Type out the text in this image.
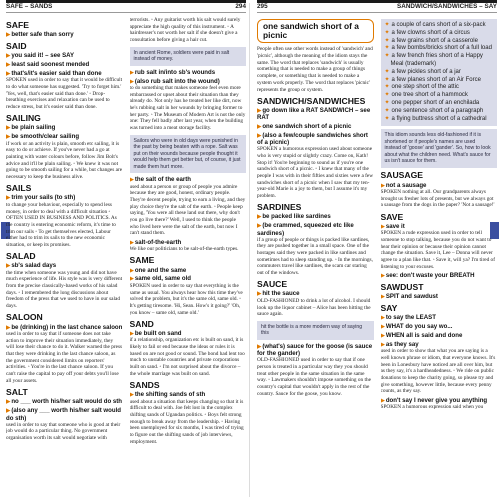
SAFE – SANDS	294
SAFE
▶better safe than sorry
SAID
▶you said it! – see SAY
▶least said soonest mended
▶that's/it's easier said than done
SPOKEN used in order to say that it would be difficult to do what someone has suggested. 'Try to forget him.' 'Yes, well, that's easier said than done.' ◦ Drop-breathing exercises and relaxation can be used to reduce stress, but it's easier said than done.
SAILING
▶be plain sailing
▶be smooth/clear sailing
if work or an activity is plain, smooth etc sailing, it is easy to do or achieve. If you've never had a go at painting with water colours before, follow Jim Bolt's advice and it'll be plain sailing. ◦ We knew it was not going to be smooth sailing for a while, but changes are necessary to keep the business alive.
SAILS
▶trim your sails (to sth)
to change your behaviour, especially to spend less money, in order to deal with a difficult situation ◦ OFTEN USED IN BUSINESS AND POLITICS. As the country is entering economic reform, it's time to trim our sails ◦ To get themselves elected, Labour either had to trim its sails to the new economic situation, or keep its promises.
SALAD
▶sb's salad days
the time when someone was young and did not have much experience of life. His style was is very different from the precise classically-based works of his salad days. ◦ I remembered the long discussions about freedom of the press that we used to have in our salad days.
SALOON
▶be (drinking) in the last chance saloon
used in order to say that if someone does not take action to improve their situation immediately, they will lose their chance to do it. Walker warned the press that they were drinking in the last chance saloon, as the government considered limits on reporters' activities. ◦ You're in the last chance saloon. If you can't raise the capital to pay off your debts you'll lose all your assets.
SALT
▶no ___ worth his/her salt would do sth
▶(also any ___ worth his/her salt would do sth)
used in order to say that someone who is good at their job would do a particular thing. No government organisation worth its salt would negotiate with
terrorists. ◦ Any guitarist worth his salt would surely appreciate the high quality of this instrument. ◦ A hairdresser's not worth her salt if she doesn't give a consultation before giving a hair cut.
In ancient Rome, soldiers were paid in salt instead of money.
▶rub salt in/into sb's wounds
▶(also rub salt into the wound)
to do something that makes someone feel even more embarrassed or upset about their situation than they already do. Not only has he treated her like dirt, now he's rubbing salt in her wounds by bringing former to her party. ◦ The Museum of Modern Art is not the only one: They fell badly after last year, when the building was turned into a meat storage facility.
Sailors who were in old days were punished in the past by being beaten with a rope. Salt was put on their wounds because people thought it would help them get better but, of course, it just made them hurt more.
▶the salt of the earth
used about a person or group of people you admire because they are good, honest, ordinary people. They're decent people, trying to earn a living, and they play choice they're the salt of the earth. ◦ People keep saying, 'You were all these land out there, why don't you go live there?' Well, I used to think the people who lived here were the salt of the earth, but now I can't stand them.
▶salt-of-the-earth
We like our politicians to be salt-of-the-earth types.
SAME
▶one and the same
▶same old, same old
SPOKEN used in order to say that everything is the same as usual. You always hear how this time they've solved the problem, but it's the same old, same old. ◦ It's getting tiresome. 'Hi, Sean. How's it going?' 'Oh, you know – same old, same old.'
SAND
▶be built on sand
if a relationship, organization etc is built on sand, it is likely to fail or end because the ideas or rules it is based on are not good or sound. The bond had lent too much to unstable countries and private corporations built on sand. ◦ I'm not surprised about the divorce – the whole marriage was built on sand.
SANDS
▶the shifting sands of sth
used about a situation that keeps changing so that it is difficult to deal with. Joe felt lost in the complex shifting sands of Ugandan politics. ◦ Boys felt strong enough to break away from the leadership. ◦ Having been unemployed for six months, I was tired of trying to figure out the shifting sands of job interviews, employment.
295	SANDWICH/SANDWICHES – SAY
one sandwich short of a picnic
People often use other words instead of 'sandwich' and 'picnic', although the meaning of the idiom stays the same. The word that replaces 'sandwich' is usually something that is needed to make a group of things complete, or something that is needed to make a system work properly. The word that replaces 'picnic' represents the group or system.
SANDWICH/SANDWICHES
▶go down like a RAT SANDWICH – see RAT
▶one sandwich short of a picnic
▶(also a few/couple sandwiches short of a picnic)
SPOKEN a humorous expression used about someone who is very stupid or slightly crazy. Come on, Kath! Stop it! You're beginning to sound as if you're one sandwich short of a picnic. ◦ I knew that many of the people I was with in their fifties and sixties were a few sandwiches short of a picnic when I saw that my ten-year-old Marie is a joy to them, but I assume it's my problem.
SARDINES
▶be packed like sardines
▶(be crammed, squeezed etc like sardines)
if a group of people or things is packed like sardines, they are pushed together in a small space. One of the hostages said they were packed in like sardines and sometimes had to sleep standing up. ◦ In the mornings, commuters travel like sardines, the scam car staring out of the windows.
SAUCE
▶hit the sauce
OLD-FASHIONED to drink a lot of alcohol. I should look up the liquor cabinet – Alice has been hitting the sauce again.
hit the bottle is a more modern way of saying this
▶(what's) sauce for the goose (is sauce for the gander)
OLD-FASHIONED used in order to say that if one person is treated in a particular way they you should treat other people in the same situation in the same way. ◦ Lawmakers shouldn't impose something on the country's capital that wouldn't apply in the rest of the country. Sauce for the goose, you know.
✦ a couple of cans short of a six-pack
✦ a few clowns short of a circus
✦ a few grains short of a casserole
✦ a few bombs/bricks short of a full load
✦ a few french fries short of a Happy Meal (trademark)
✦ a few pickles short of a jar
✦ a few planes short of an Air Force
✦ one step short of the attic
✦ one tree short of a hammock
✦ one pepper short of an enchilada
✦ one sentence short of a paragraph
✦ a flying buttress short of a cathedral
This idiom sounds less old-fashioned if it is shortened or if people's names are used instead of 'goose' and 'gander'. So, how to look about what the children need. What's sauce for us isn't sauce for them.
SAUSAGE
▶not a sausage
SPOKEN nothing at all. Our grandparents always brought us fresher lots of presents, but we always got a sausage from the dogs in the paper? 'Not a sausage!'
SAVE
▶save it
SPOKEN a rude expression used in order to tell someone to stop talking, because you do not want to hear their opinion or because their opinion cannot change the situation. Save it, Lee – Donna will never agree to a plan like that. ◦ Save it, will ya? I'm tired of listening to your excuses.
▶see: don't waste your BREATH
SAWDUST
▶SPIT and sawdust
SAY
▶to say the LEAST
▶WHAT do you say wo...
▶WHEN all is said and done
▶as they say
used in order to show that what you are saying is a well known phrase or idiom, that everyone knows. It's been in Lonesbury have noticed are all over him, but as they say, it's a hardheadedness. ◦ We ride on public donations to keep the charity going, so please try and give something, however little, because every penny counts, as they say.
▶don't say I never give you anything
SPOKEN a humorous expression said when you
